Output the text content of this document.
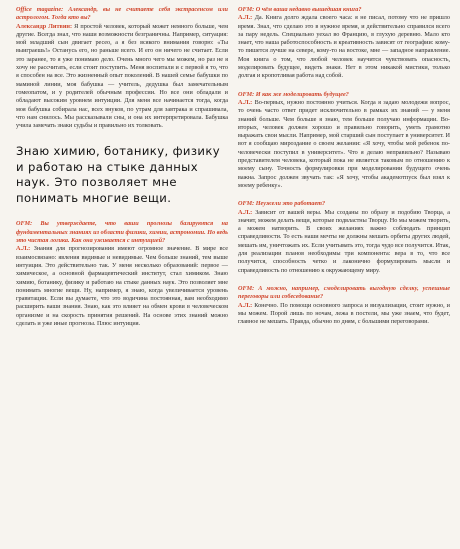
Office magazine: Александр, вы не считаете себя экстрасенсом или астрологом. Тогда кто вы?
Александр Литвин: Я простой человек, который может немного больше, чем другие. Всегда знал, что наши возможности безграничны. Например, ситуация: мой младший сын двигает ресео, а я без всякого внимания говорю: «Ты выиграешь!» Останусь его, но раньше всего. И его он ничего не считает. Если это заранее, то я уже понимаю дело. Очень много чего мы можем, но раз не я хочу не рассчитать, если стоит поступить. Меня воспитали и с первой я то, что я способен на все. Это жизненный опыт поколений. В нашей семье бабушки по маминой линии, моя бабушка — учитель, дедушка был замечательным гомеопатом, и у родителей обычным профессии. Но все они обладали и обладают высоким уровнем интуиции. Для меня все начинается тогда, когда моя бабушка собирала нас, всех внуков, по утрам для завтрака и спрашивала, что нам снилось. Мы рассказывали сны, и она их интерпретировала. Бабушка учила замечать знаки судьбы и правильно их толковать.

Знаю химию, ботанику, физику и работаю на стыке данных наук. Это позволяет мне понимать многие вещи.

OFM: Вы утверждаете, что ваши прогнозы базируются на фундаментальных знаниях из области физики, химии, астрономии. Но ведь это чистая логика. Как она уживается с интуицией?
А.Л.: Знания для прогнозирования имеют огромное значение. В мире все взаимосвязанo: явления видимые и невидимые. Чем больше знаний, тем выше интуиция. Это действительно так. У меня несколько образований: первое — химическое, а основной фармацевтический институт, стал химиком. Знаю химию, ботанику, физику и работаю на стыке данных наук. Это позволяет мне понимать многие вещи. Ну, например, я знаю, когда увеличивается уровень гравитации. Если вы думаете, что это водичина постоянная, вам необходимо расширить ваши знания. Знаю, как это влияет на обмен крови в человеческом организме и на скорость принятия решений. На основе этих знаний можно сделать и уже иные прогнозы. Плюс интуиция.

OFM: О чём ваша недавно вышедшая книга?
А.Л.: Да. Книга долго ждала своего часа: я не писал, потому что не пришло время. Знал, что сделаю это в нужное время, и действительно справился всего за пару недель. Специально уехал во Францию, в глухую деревню. Мало кто знает, что наша работоспособность и креативность зависят от географии: кому-то пишется лучше на севере, кому-то на востоке, мне — западное направление. Моя книга о том, что любой человек научится чувствовать опасность, моделировать будущее, видеть знаки. Нет в этом никакой мистики, только долгая и кропотливая работа над собой.

OFM: И как же моделировать будущее?
А.Л.: Во-первых, нужно постоянно учиться. Когда я задаю молодежи вопрос, то очень часто ответ придет исключительно в рамках их знаний — у меня знаний больше. Чем больше я знаю, тем больше получаю информации. Во-вторых, человек должен хорошо и правильно говорить, уметь грамотно выражать свои мысли. Например, мой старший сын поступает в университет. И вот я сообщаю мироздание о своем желании: «Я хочу, чтобы мой ребенок по-человечески поступил в университет». Что я делаю неправильно? Называю представителем человека, который пока не является таковым по отношению к моему сыну. Точность формулировки при моделировании будущего очень важна. Запрос должен звучать так: «Я хочу, чтобы академотпуск был взял к моему ребенку».

OFM: Неужели это работает?
А.Л.: Зависит от вашей веры. Мы созданы по образу и подобию Творца, а значит, можем делать вещи, которые подвластны Творцу. Но мы можем творить, а можем натворить. В своих желаниях важно соблюдать принцип справедливости. То есть наши мечты не должны мешать орбиты других людей, мешать им, уничтожать их. Если учитывать это, тогда чудо все получится. Итак, для реализации планов необходимы три компонента: вера в то, что все получится, способность четко и лаконично формулировать мысли и справедливость по отношению к окружающему миру.

OFM: А можно, например, смоделировать выгодную сделку, успешные переговоры или собеседование?
А.Л.: Конечно. По помощи основного запроса и визуализации, стоит нужно, и мы можем. Порой лишь по ночам, лежа в постели, мы уже знаем, что будет, главное не мешать. Правда, обычно по дням, с большими переговорами.
